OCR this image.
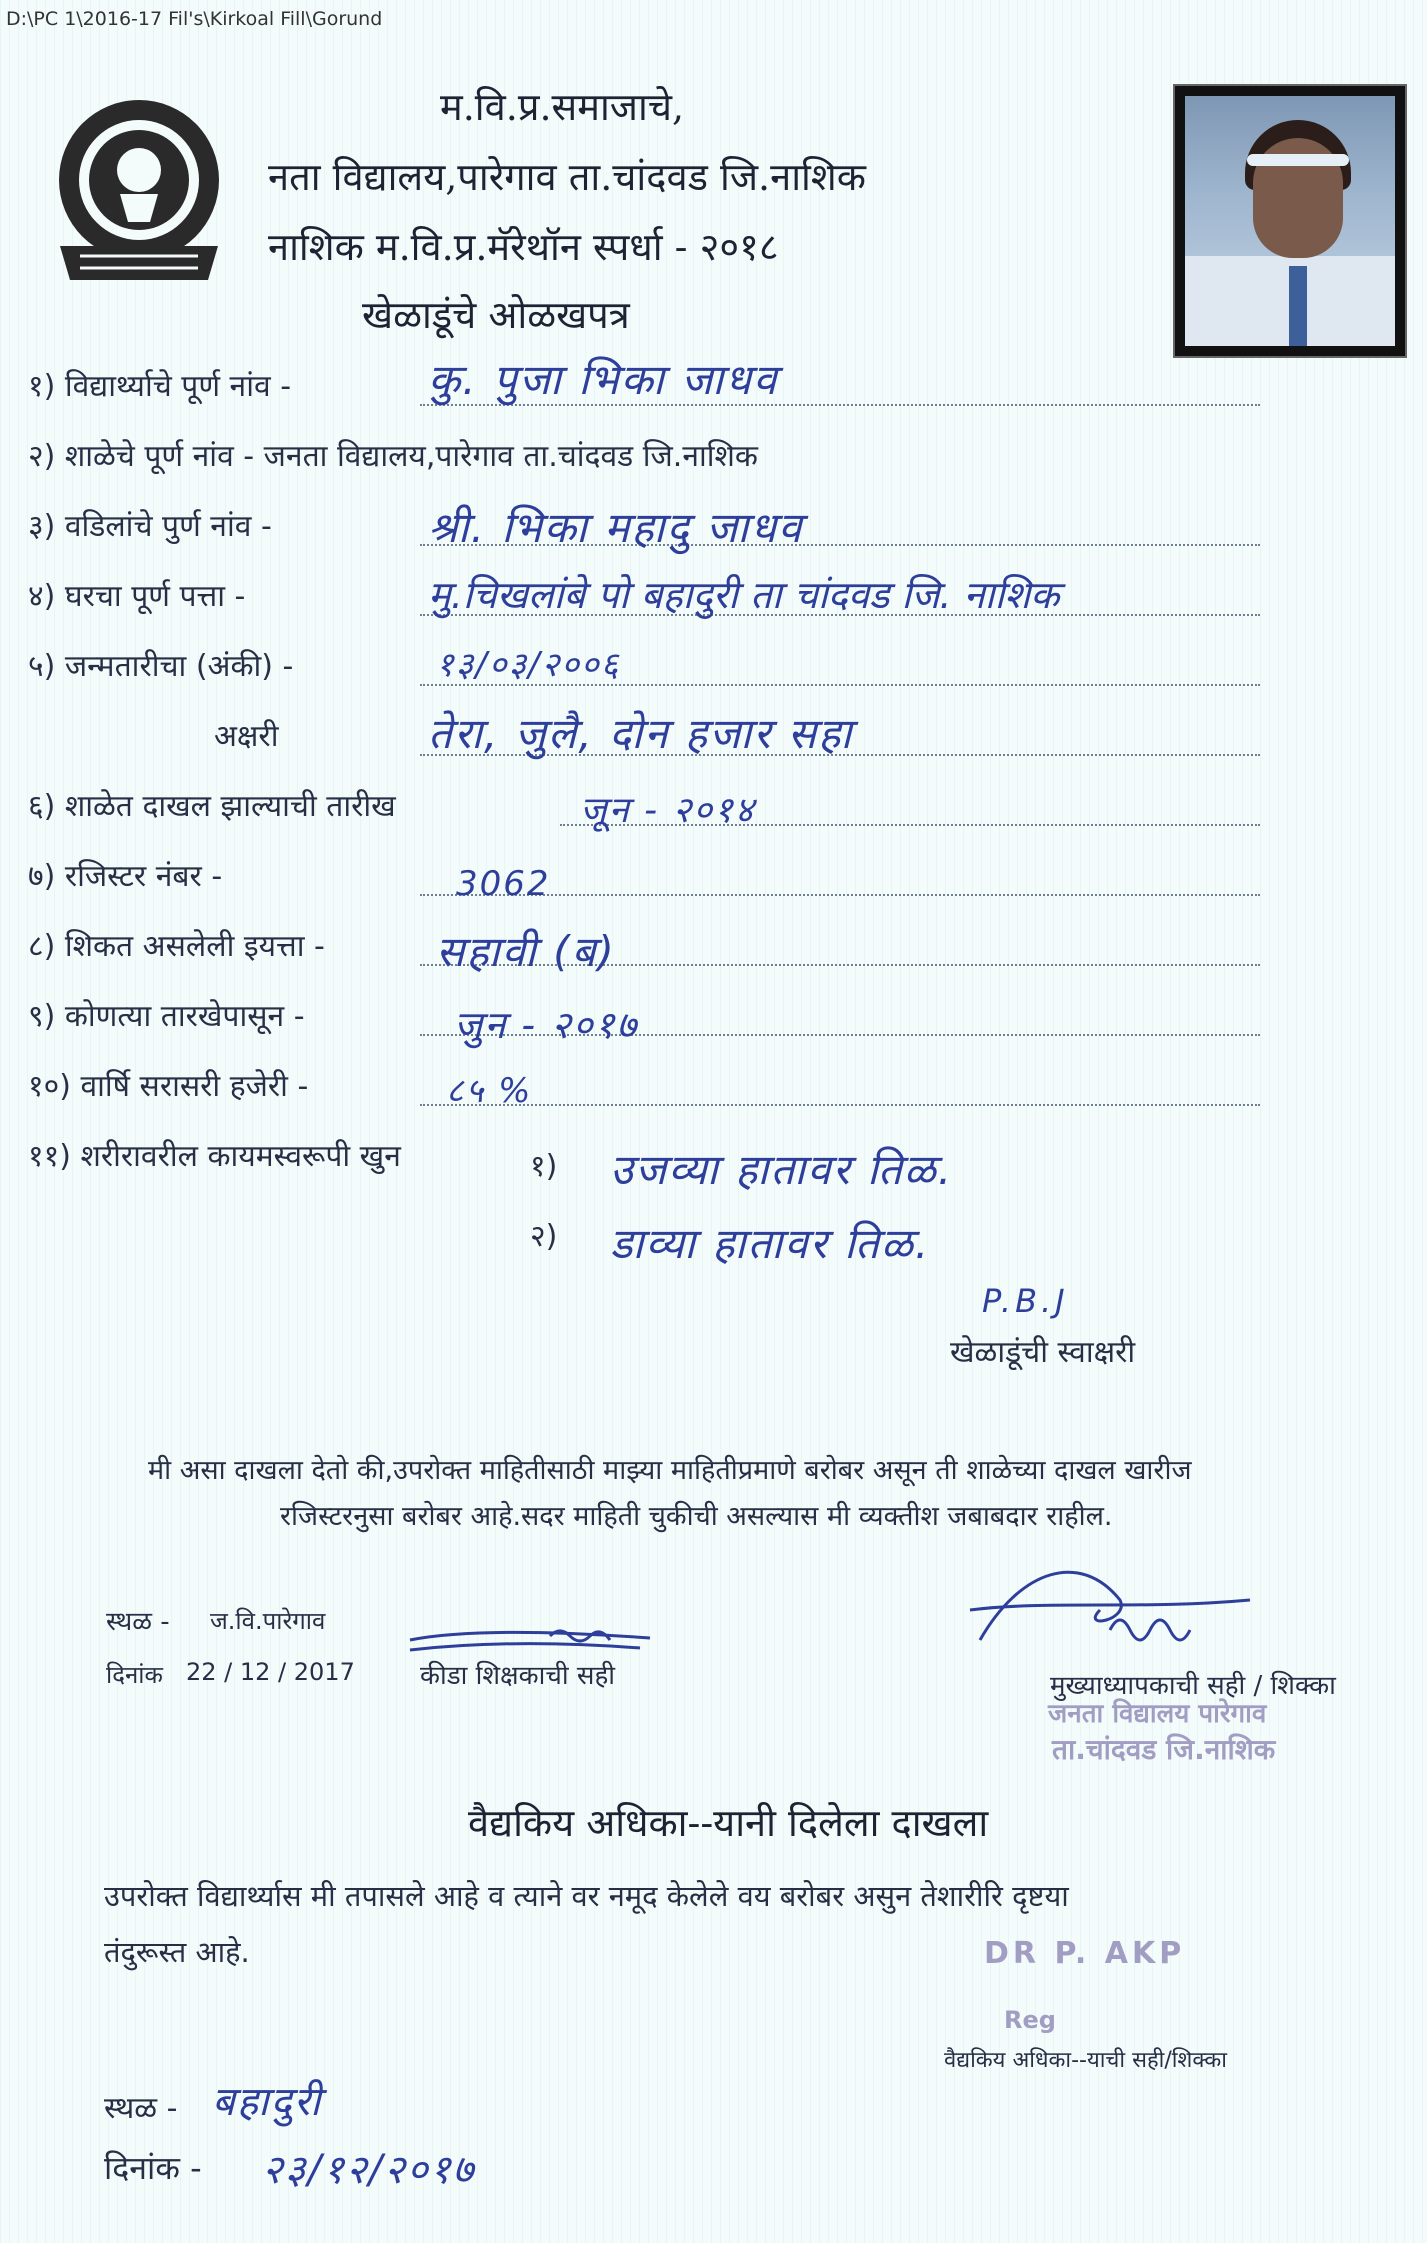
D:\PC 1\2016-17 Fil's\Kirkoal Fill\Gorund
म.वि.प्र.समाजाचे,
नता विद्यालय,पारेगाव ता.चांदवड जि.नाशिक
नाशिक म.वि.प्र.मॅरेथॉन स्पर्धा - २०१८
खेळाडूंचे ओळखपत्र
१) विद्यार्थ्याचे पूर्ण नांव -	कु. पुजा भिका जाधव
२) शाळेचे पूर्ण नांव - जनता विद्यालय,पारेगाव ता.चांदवड जि.नाशिक
३) वडिलांचे पुर्ण नांव -	श्री. भिका महादु जाधव
४) घरचा पूर्ण पत्ता -	मु.चिखलांबे पो बहादुरी ता चांदवड जि. नाशिक
५) जन्मतारीचा (अंकी) -	१३/०३/२००६
अक्षरी	तेरा, जुलै, दोन हजार सहा
६) शाळेत दाखल झाल्याची तारीख	जून - २०१४
७) रजिस्टर नंबर -	3062
८) शिकत असलेली इयत्ता -	सहावी (ब)
९) कोणत्या तारखेपासून -	जुन - २०१७
१०) वार्षि सरासरी हजेरी -	८५ %
११) शरीरावरील कायमस्वरूपी खुन	१) उजव्या हातावर तिळ.
२) डाव्या हातावर तिळ.
P.B.J
खेळाडूंची स्वाक्षरी
मी असा दाखला देतो की,उपरोक्त माहितीसाठी माझ्या माहितीप्रमाणे बरोबर असून ती शाळेच्या दाखल खारीज
रजिस्टरनुसा बरोबर आहे.सदर माहिती चुकीची असल्यास मी व्यक्तीश जबाबदार राहील.
स्थळ - ज.वि.पारेगाव
दिनांक 22 / 12 / 2017	कीडा शिक्षकाची सही	मुख्याध्यापकाची सही / शिक्का
जनता विद्यालय पारेगाव
ता.चांदवड जि.नाशिक
वैद्यकिय अधिका--यानी दिलेला दाखला
उपरोक्त विद्यार्थ्यास मी तपासले आहे व त्याने वर नमूद केलेले वय बरोबर असुन तेशारीरि दृष्टया
तंदुरूस्त आहे.	DR P. AKP
Reg
वैद्यकिय अधिका--याची सही/शिक्का
स्थळ - बहादुरी
दिनांक - २३/१२/२०१७
